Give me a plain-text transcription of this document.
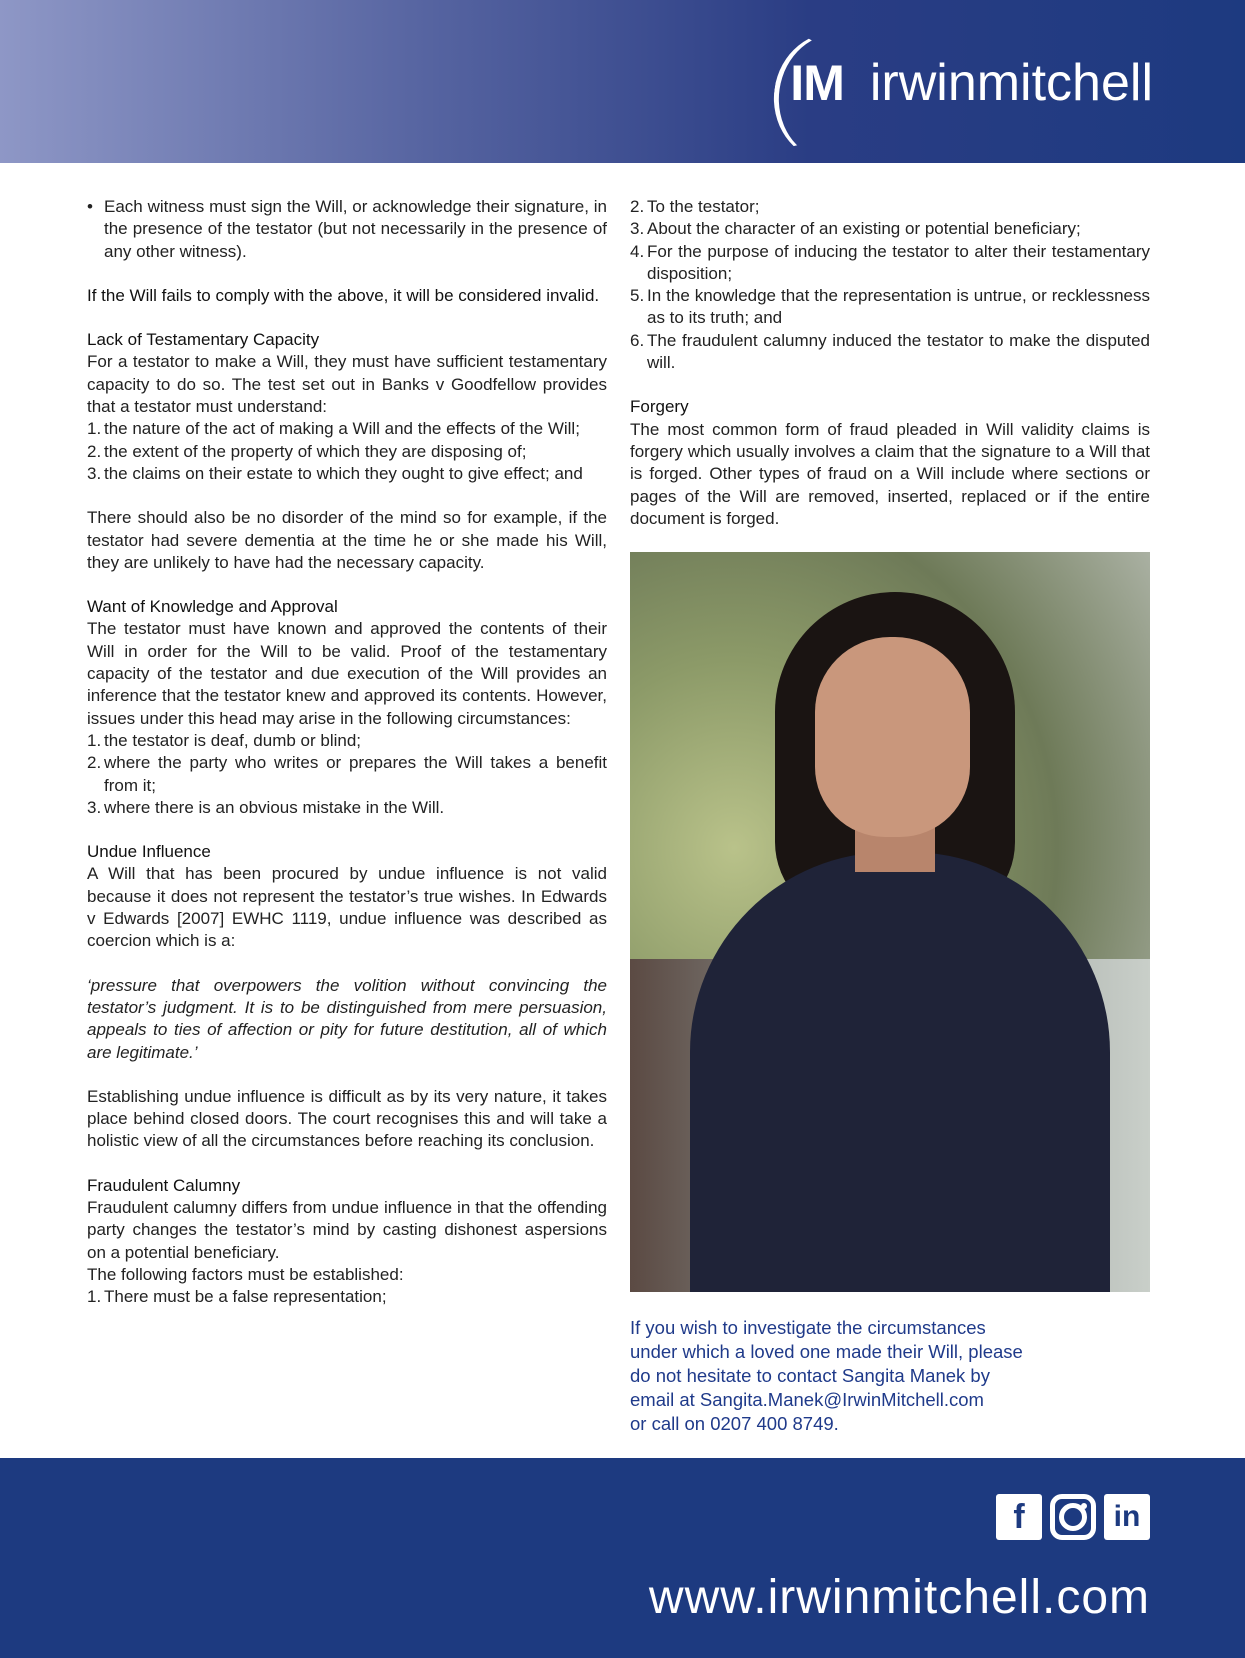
IM irwinmitchell
• Each witness must sign the Will, or acknowledge their signature, in the presence of the testator (but not necessarily in the presence of any other witness).

If the Will fails to comply with the above, it will be considered invalid.

Lack of Testamentary Capacity

For a testator to make a Will, they must have sufficient testamentary capacity to do so. The test set out in Banks v Goodfellow provides that a testator must understand:

1. the nature of the act of making a Will and the effects of the Will;
2. the extent of the property of which they are disposing of;
3. the claims on their estate to which they ought to give effect; and

There should also be no disorder of the mind so for example, if the testator had severe dementia at the time he or she made his Will, they are unlikely to have had the necessary capacity.

Want of Knowledge and Approval

The testator must have known and approved the contents of their Will in order for the Will to be valid. Proof of the testamentary capacity of the testator and due execution of the Will provides an inference that the testator knew and approved its contents. However, issues under this head may arise in the following circumstances:

1. the testator is deaf, dumb or blind;
2. where the party who writes or prepares the Will takes a benefit from it;
3. where there is an obvious mistake in the Will.
Undue Influence

A Will that has been procured by undue influence is not valid because it does not represent the testator’s true wishes. In Edwards v Edwards [2007] EWHC 1119, undue influence was described as coercion which is a:

‘pressure that overpowers the volition without convincing the testator’s judgment. It is to be distinguished from mere persuasion, appeals to ties of affection or pity for future destitution, all of which are legitimate.’

Establishing undue influence is difficult as by its very nature, it takes place behind closed doors. The court recognises this and will take a holistic view of all the circumstances before reaching its conclusion.

Fraudulent Calumny

Fraudulent calumny differs from undue influence in that the offending party changes the testator’s mind by casting dishonest aspersions on a potential beneficiary.

The following factors must be established:

1. There must be a false representation;
2. To the testator;
3. About the character of an existing or potential beneficiary;
4. For the purpose of inducing the testator to alter their testamentary disposition;
5. In the knowledge that the representation is untrue, or recklessness as to its truth; and
6. The fraudulent calumny induced the testator to make the disputed will.
Forgery

The most common form of fraud pleaded in Will validity claims is forgery which usually involves a claim that the signature to a Will that is forged. Other types of fraud on a Will include where sections or pages of the Will are removed, inserted, replaced or if the entire document is forged.

If you wish to investigate the circumstances
under which a loved one made their Will, please
do not hesitate to contact Sangita Manek by
email at Sangita.Manek@IrwinMitchell.com
or call on 0207 400 8749.
f	in
www.irwinmitchell.com
